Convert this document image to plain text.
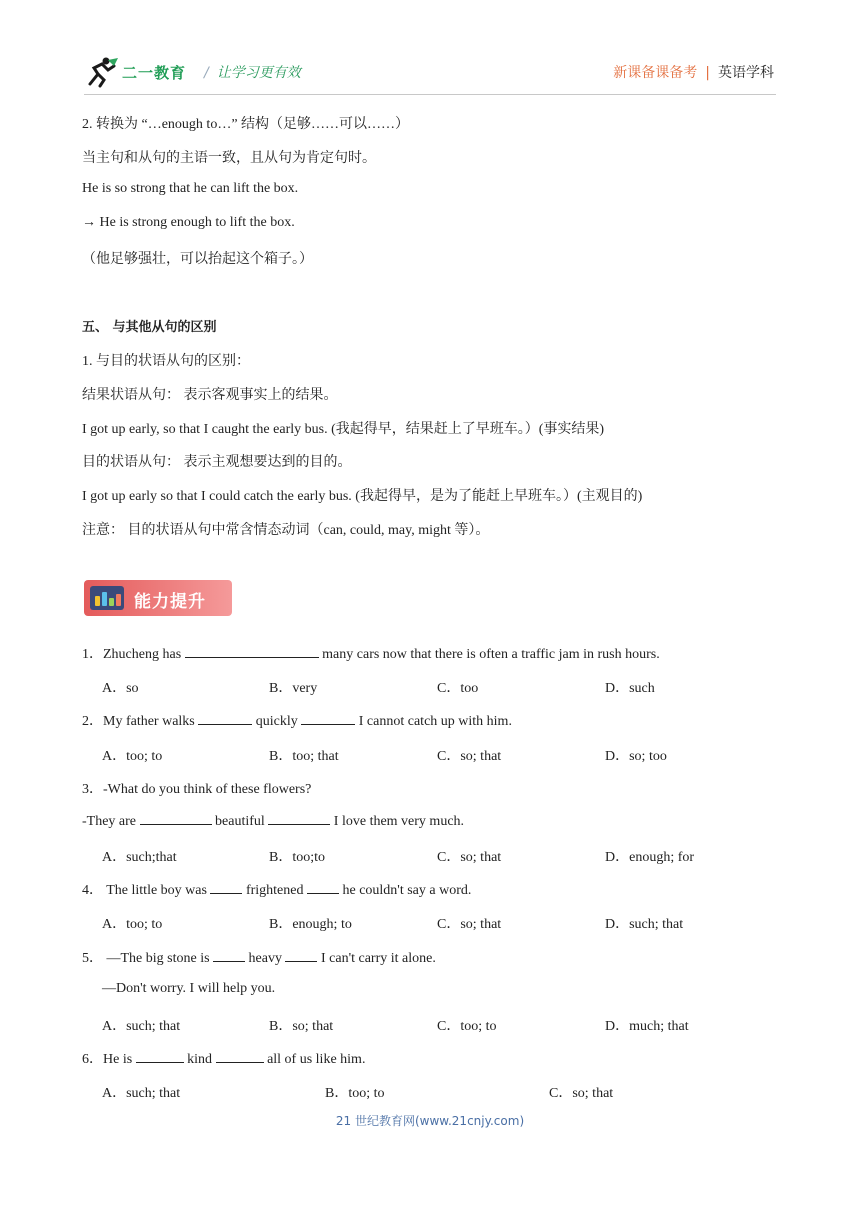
二一教育 / 让学习更有效	新课备课备考 | 英语学科
2. 转换为 “…enough to…” 结构（足够……可以……）
当主句和从句的主语一致，且从句为肯定句时。
He is so strong that he can lift the box.
→ He is strong enough to lift the box.
（他足够强壮，可以抬起这个箱子。）
五、 与其他从句的区别
1. 与目的状语从句的区别：
结果状语从句： 表示客观事实上的结果。
I got up early, so that I caught the early bus. (我起得早，结果赶上了早班车。）(事实结果)
目的状语从句： 表示主观想要达到的目的。
I got up early so that I could catch the early bus. (我起得早，是为了能赶上早班车。）(主观目的)
注意： 目的状语从句中常含情态动词（can, could, may, might 等）。
能力提升
1．Zhucheng has	many cars now that there is often a traffic jam in rush hours.
A．so	B．very	C．too	D．such
2．My father walks	quickly	I cannot catch up with him.
A．too; to	B．too; that	C．so; that	D．so; too
3．-What do you think of these flowers?
-They are	beautiful	I love them very much.
A．such;that	B．too;to	C．so; that	D．enough; for
4． The little boy was  frightened  he couldn't say a word.
A．too; to	B．enough; to	C．so; that	D．such; that
5． —The big stone is  heavy  I can't carry it alone.
—Don't worry. I will help you.
A．such; that	B．so; that	C．too; to	D．much; that
6．He is	kind	all of us like him.
A．such; that	B．too; to	C．so; that
21 世纪教育网(www.21cnjy.com)
